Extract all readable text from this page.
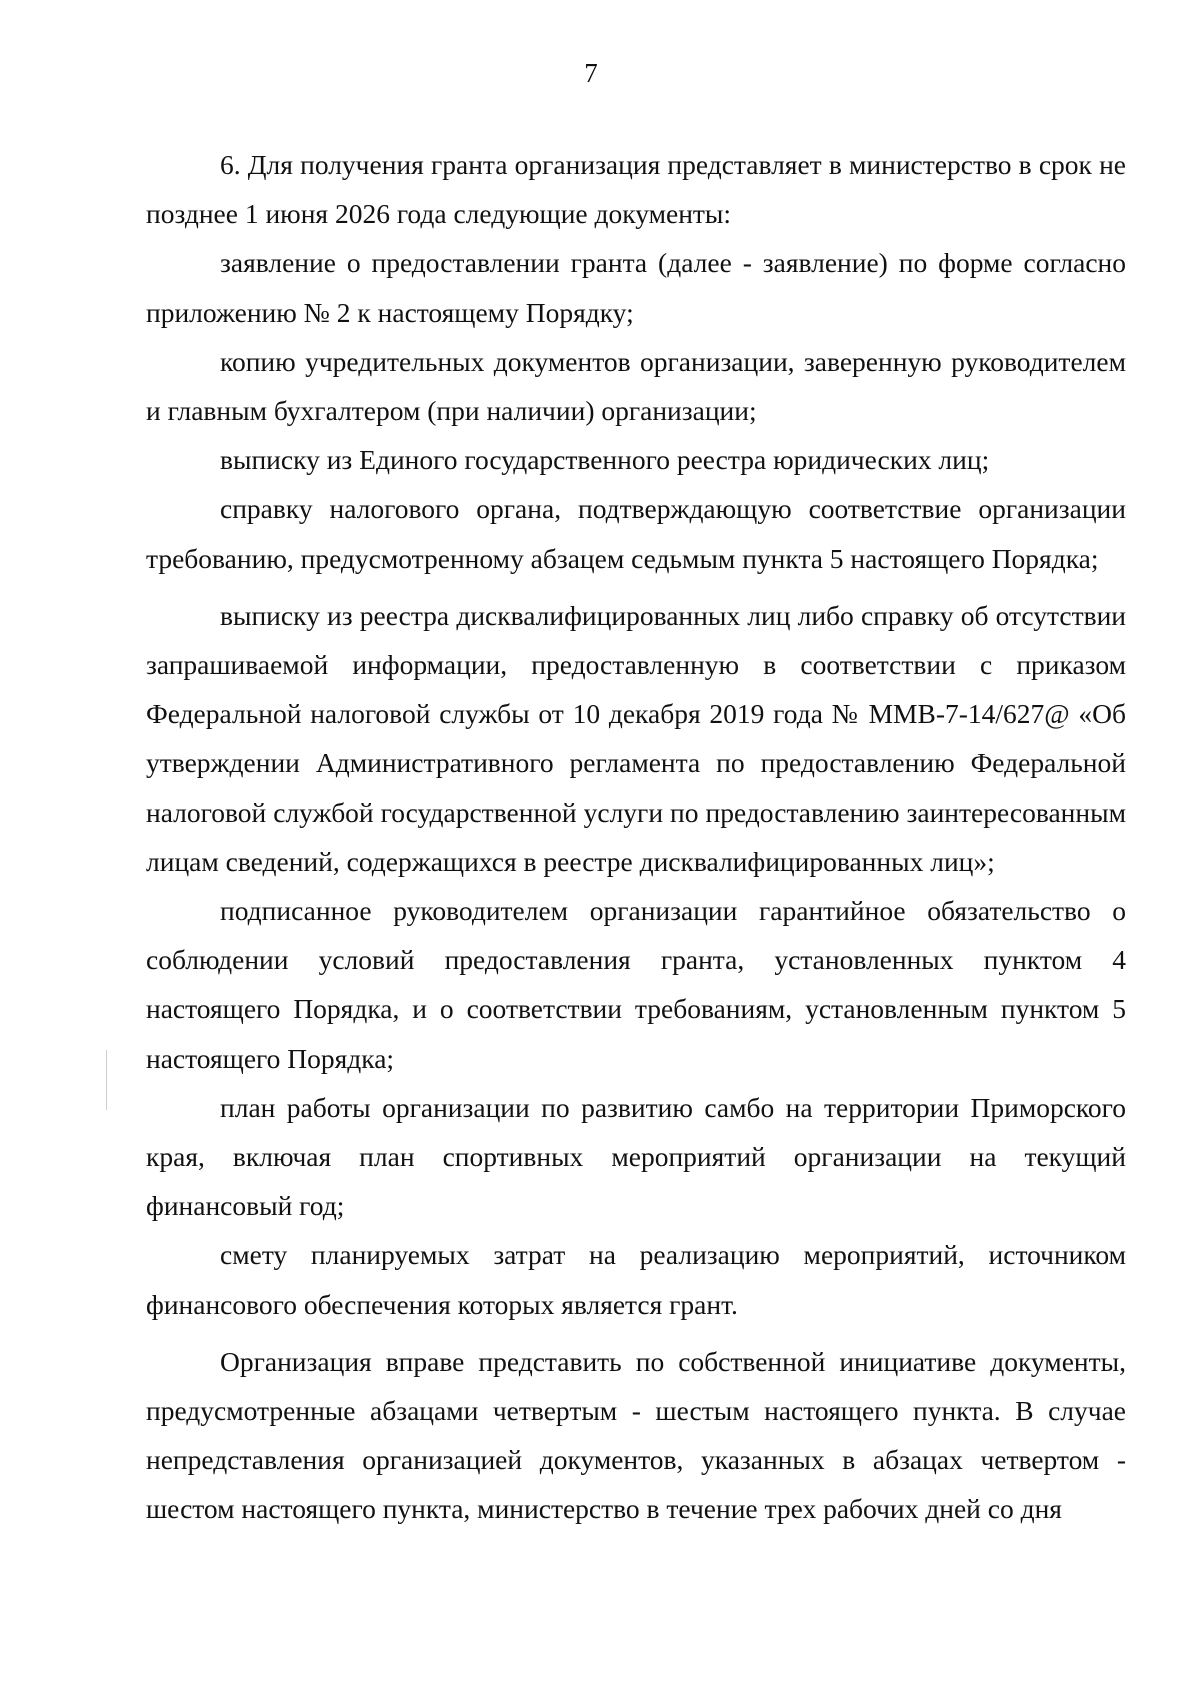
7

6. Для получения гранта организация представляет в министерство в срок не позднее 1 июня 2026 года следующие документы:

заявление о предоставлении гранта (далее - заявление) по форме согласно приложению № 2 к настоящему Порядку;

копию учредительных документов организации, заверенную руководителем и главным бухгалтером (при наличии) организации;

выписку из Единого государственного реестра юридических лиц;

справку налогового органа, подтверждающую соответствие организации требованию, предусмотренному абзацем седьмым пункта 5 настоящего Порядка;

выписку из реестра дисквалифицированных лиц либо справку об отсутствии запрашиваемой информации, предоставленную в соответствии с приказом Федеральной налоговой службы от 10 декабря 2019 года № ММВ-7-14/627@ «Об утверждении Административного регламента по предоставлению Федеральной налоговой службой государственной услуги по предоставлению заинтересованным лицам сведений, содержащихся в реестре дисквалифицированных лиц»;

подписанное руководителем организации гарантийное обязательство о соблюдении условий предоставления гранта, установленных пунктом 4 настоящего Порядка, и о соответствии требованиям, установленным пунктом 5 настоящего Порядка;

план работы организации по развитию самбо на территории Приморского края, включая план спортивных мероприятий организации на текущий финансовый год;

смету планируемых затрат на реализацию мероприятий, источником финансового обеспечения которых является грант.

Организация вправе представить по собственной инициативе документы, предусмотренные абзацами четвертым - шестым настоящего пункта. В случае непредставления организацией документов, указанных в абзацах четвертом - шестом настоящего пункта, министерство в течение трех рабочих дней со дня
